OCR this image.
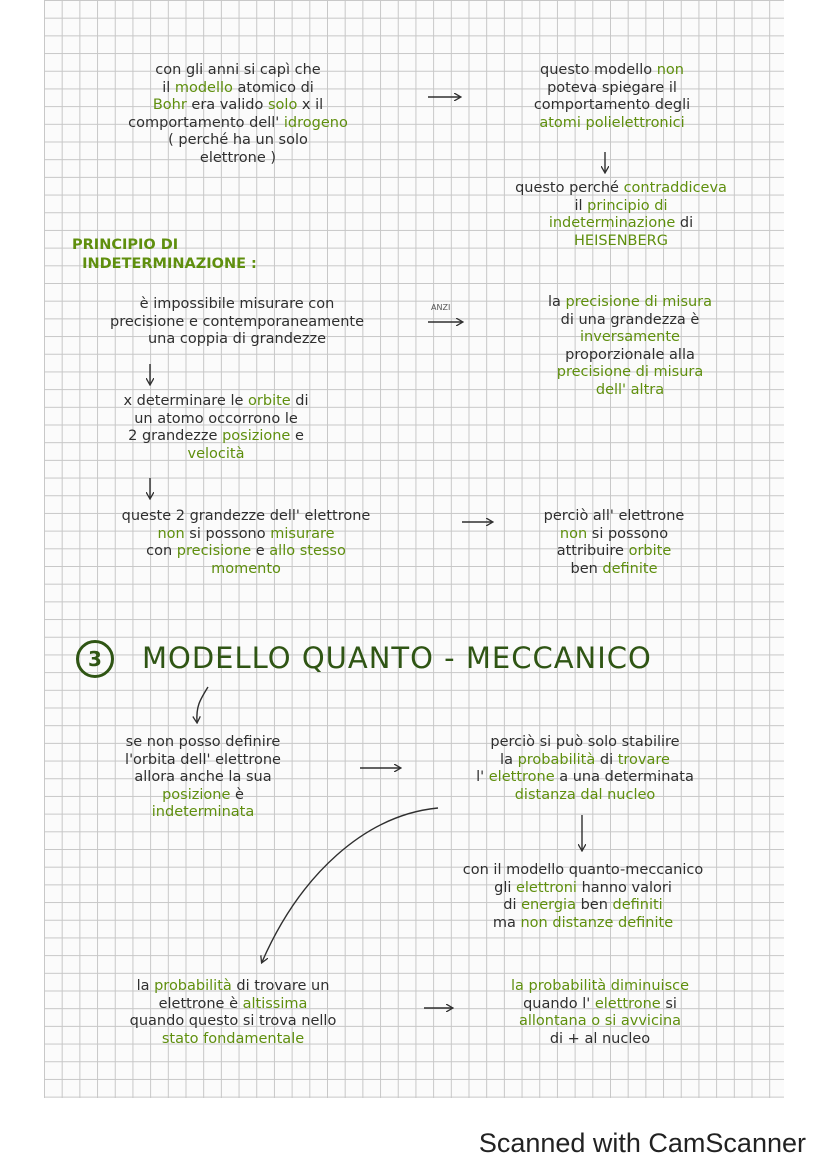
con gli anni si capì che
il modello atomico di
Bohr era valido solo x il
comportamento dell' idrogeno
( perché ha un solo
elettrone )
questo modello non
poteva spiegare il
comportamento degli
atomi polielettronici
questo perché contraddiceva
il principio di
indeterminazione di
HEISENBERG
PRINCIPIO DI
INDETERMINAZIONE :
è impossibile misurare con
precisione e contemporaneamente
una coppia di grandezze
ANZI	la precisione di misura
di una grandezza è
inversamente
proporzionale alla
precisione di misura
dell' altra
x determinare le orbite di
un atomo occorrono le
2 grandezze posizione e
velocità
queste 2 grandezze dell' elettrone
non si possono misurare
con precisione e allo stesso
momento
perciò all' elettrone
non si possono
attribuire orbite
ben definite
3	MODELLO QUANTO - MECCANICO
se non posso definire
l'orbita dell' elettrone
allora anche la sua
posizione è
indeterminata
perciò si può solo stabilire
la probabilità di trovare
l' elettrone a una determinata
distanza dal nucleo
con il modello quanto-meccanico
gli elettroni hanno valori
di energia ben definiti
ma non distanze definite
la probabilità di trovare un
elettrone è altissima
quando questo si trova nello
stato fondamentale
la probabilità diminuisce
quando l' elettrone si
allontana o si avvicina
di + al nucleo
Scanned with CamScanner
